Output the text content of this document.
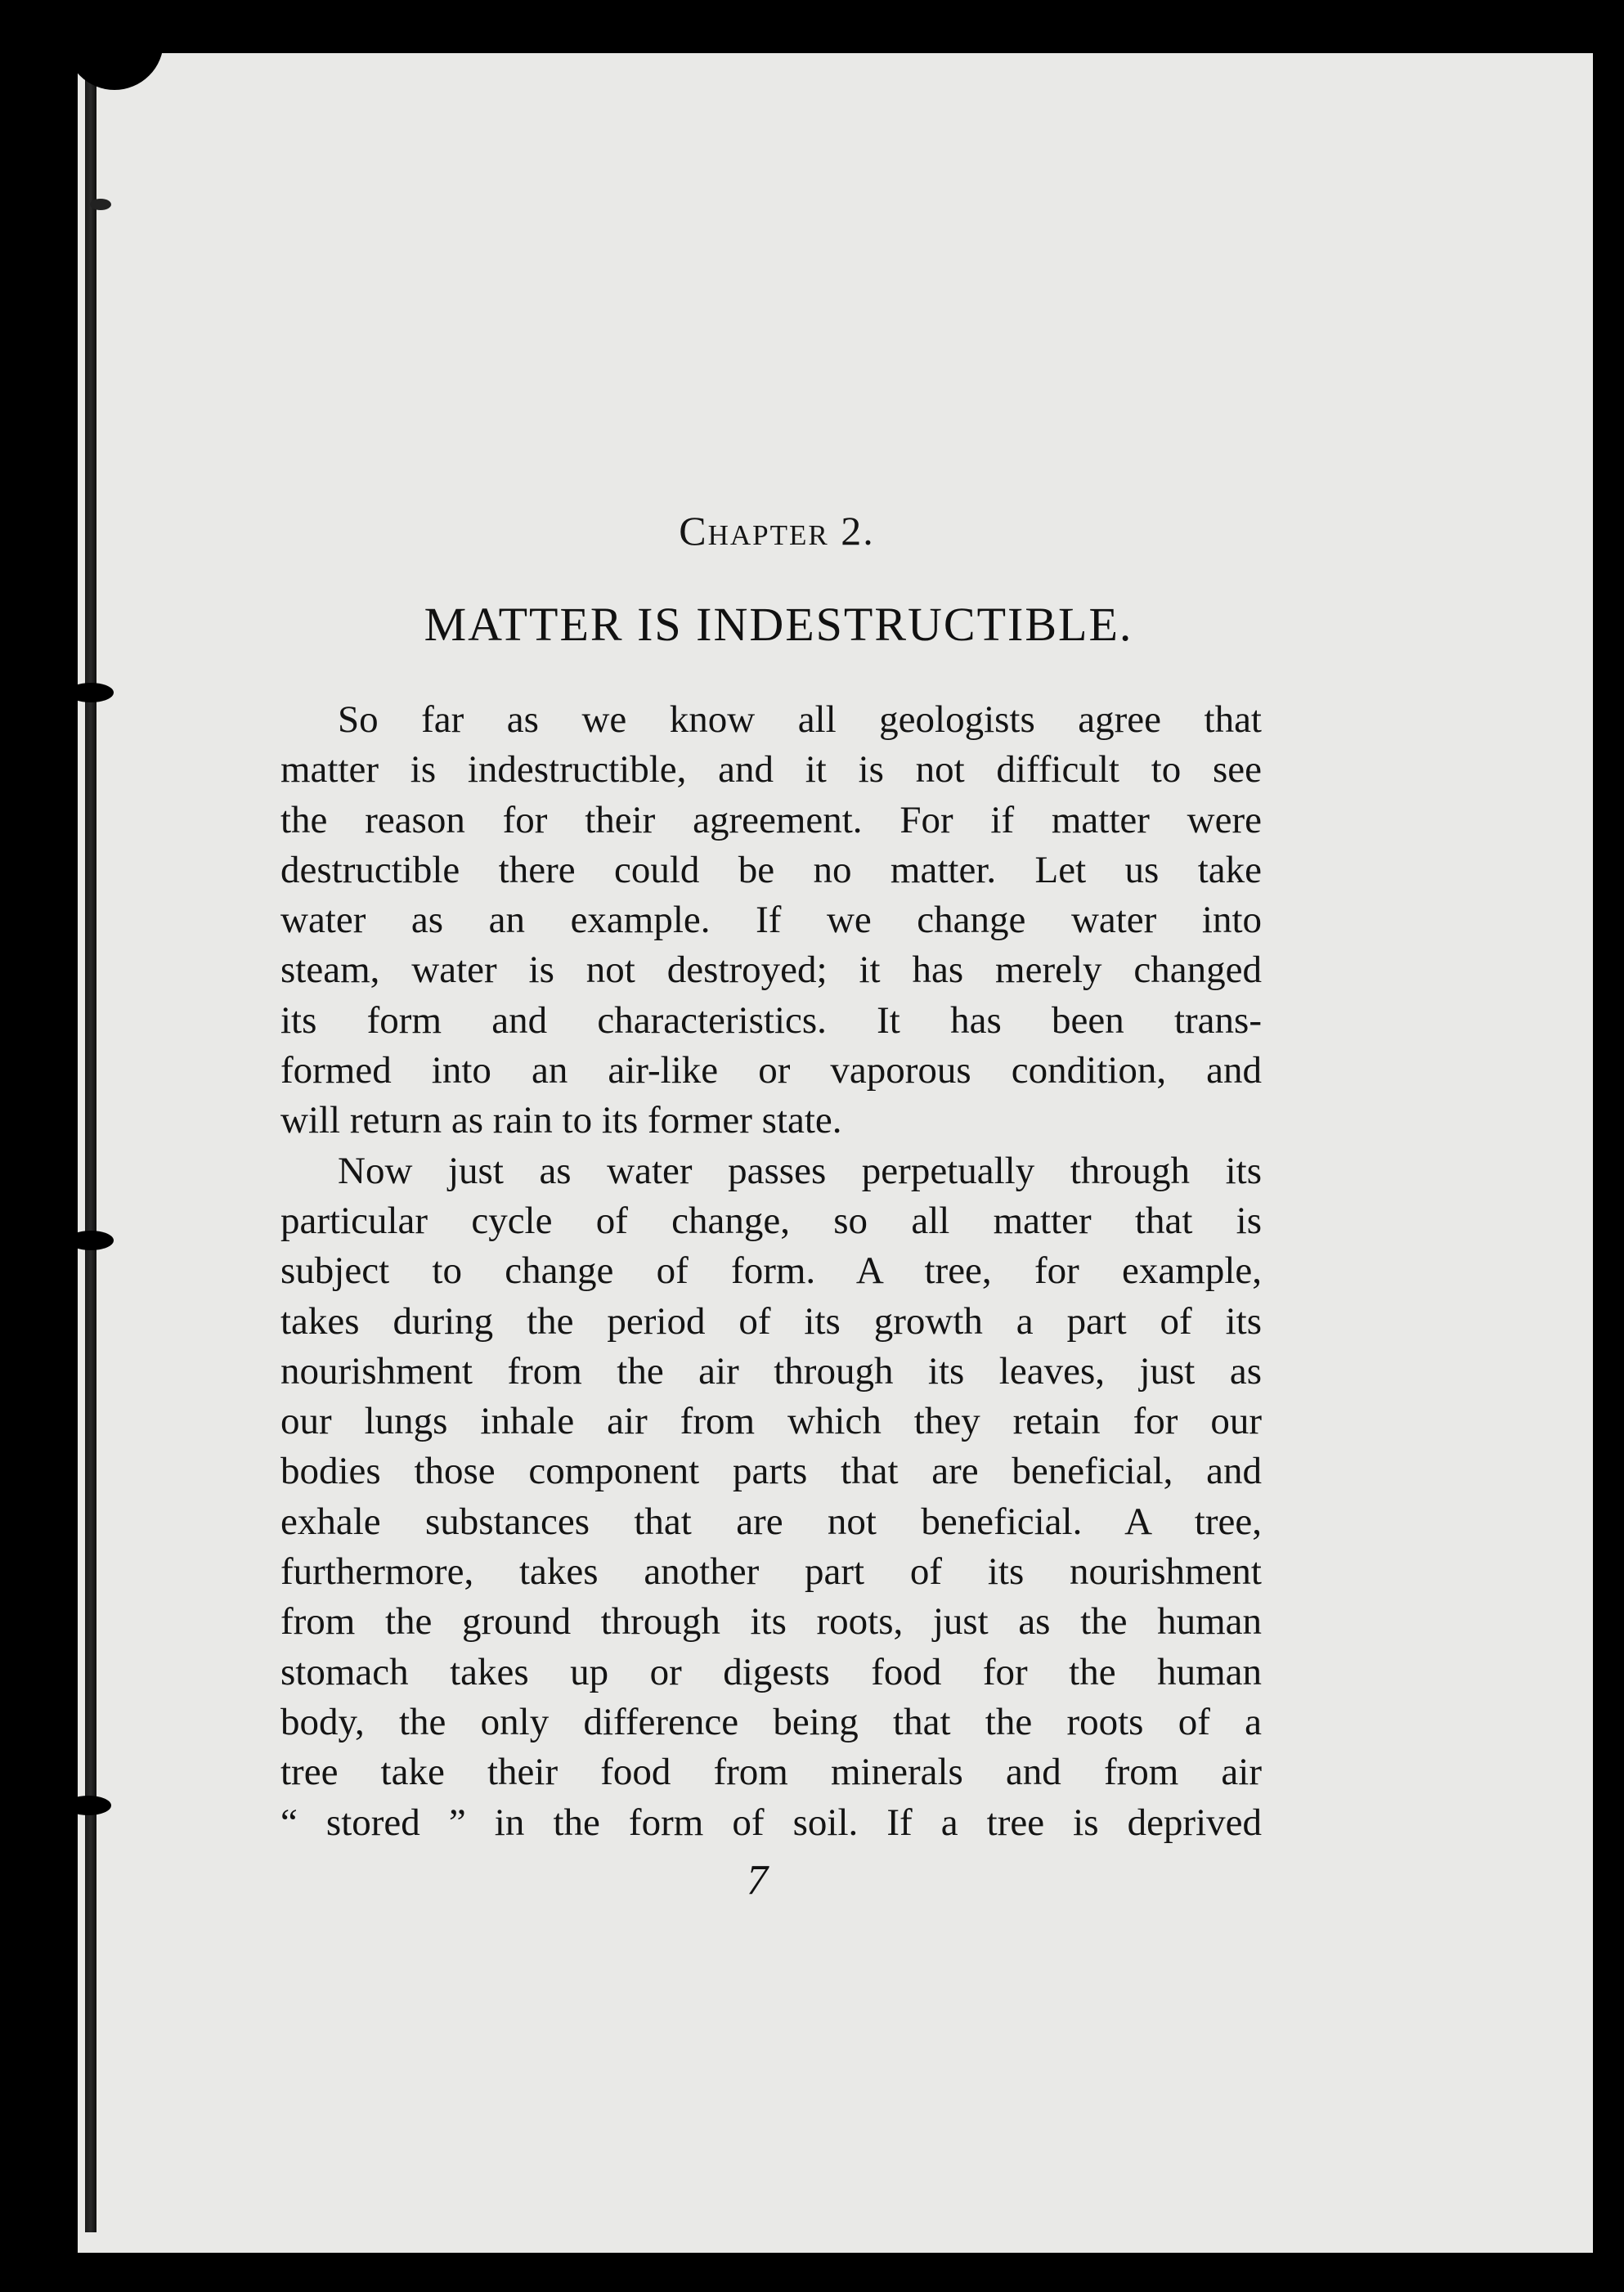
Chapter 2.
MATTER IS INDESTRUCTIBLE.
So far as we know all geologists agree that
matter is indestructible, and it is not difficult to see
the reason for their agreement. For if matter were
destructible there could be no matter. Let us take
water as an example. If we change water into
steam, water is not destroyed; it has merely changed
its form and characteristics. It has been trans-
formed into an air-like or vaporous condition, and
will return as rain to its former state.
Now just as water passes perpetually through its
particular cycle of change, so all matter that is
subject to change of form. A tree, for example,
takes during the period of its growth a part of its
nourishment from the air through its leaves, just as
our lungs inhale air from which they retain for our
bodies those component parts that are beneficial, and
exhale substances that are not beneficial. A tree,
furthermore, takes another part of its nourishment
from the ground through its roots, just as the human
stomach takes up or digests food for the human
body, the only difference being that the roots of a
tree take their food from minerals and from air
“ stored ” in the form of soil. If a tree is deprived
7
